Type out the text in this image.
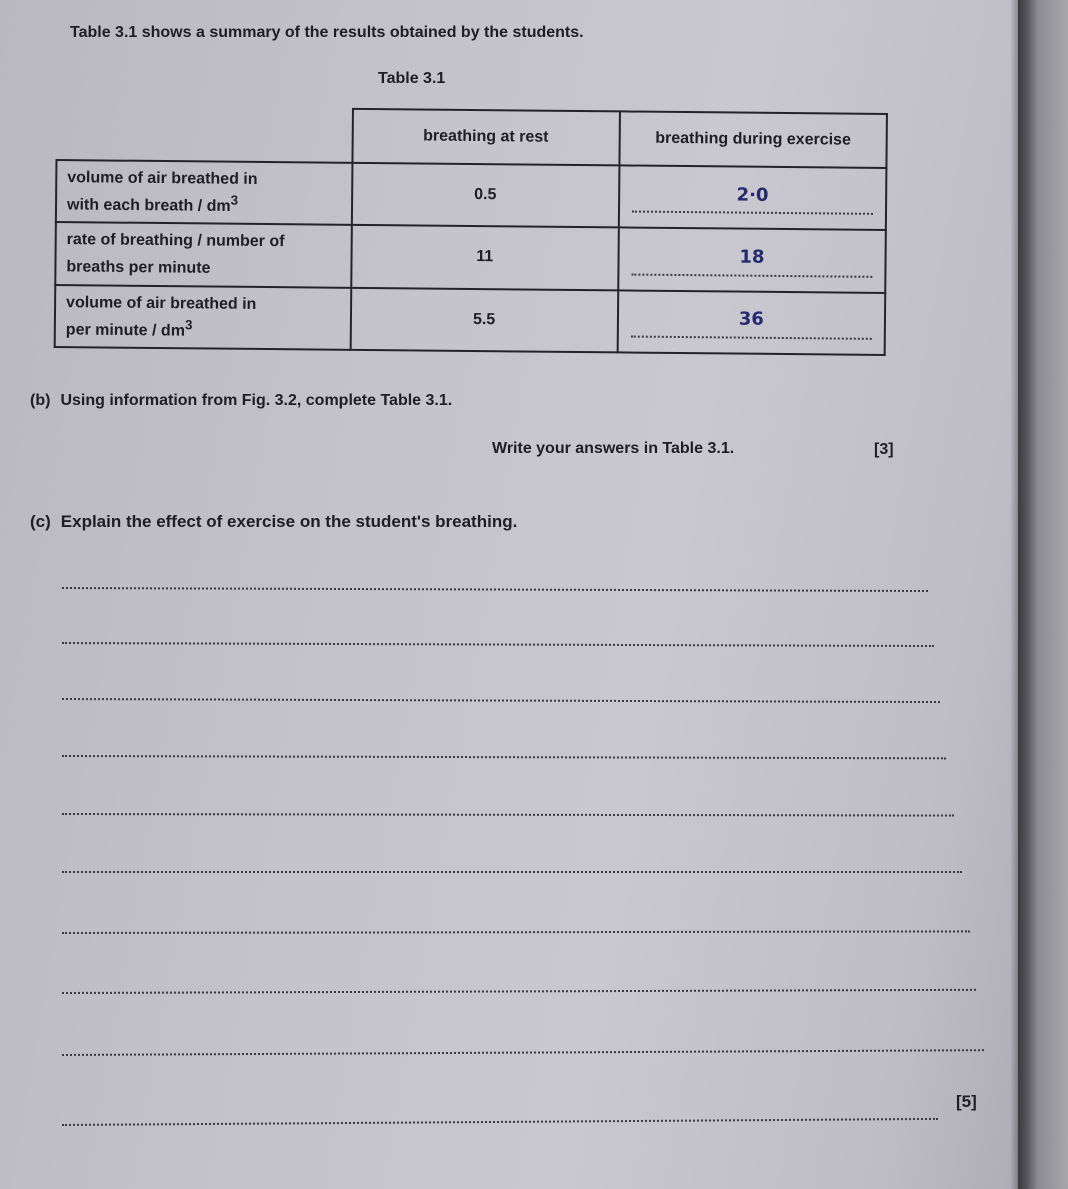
Table 3.1 shows a summary of the results obtained by the students.
Table 3.1
	breathing at rest	breathing during exercise
volume of air breathed in
with each breath / $dm^3$	0.5	2·0

rate of breathing / number of
breaths per minute	11	18

volume of air breathed in
per minute / $dm^3$	5.5	36
(b) Using information from Fig. 3.2, complete Table 3.1.
Write your answers in Table 3.1.	[3]
(c) Explain the effect of exercise on the student's breathing.
[5]
